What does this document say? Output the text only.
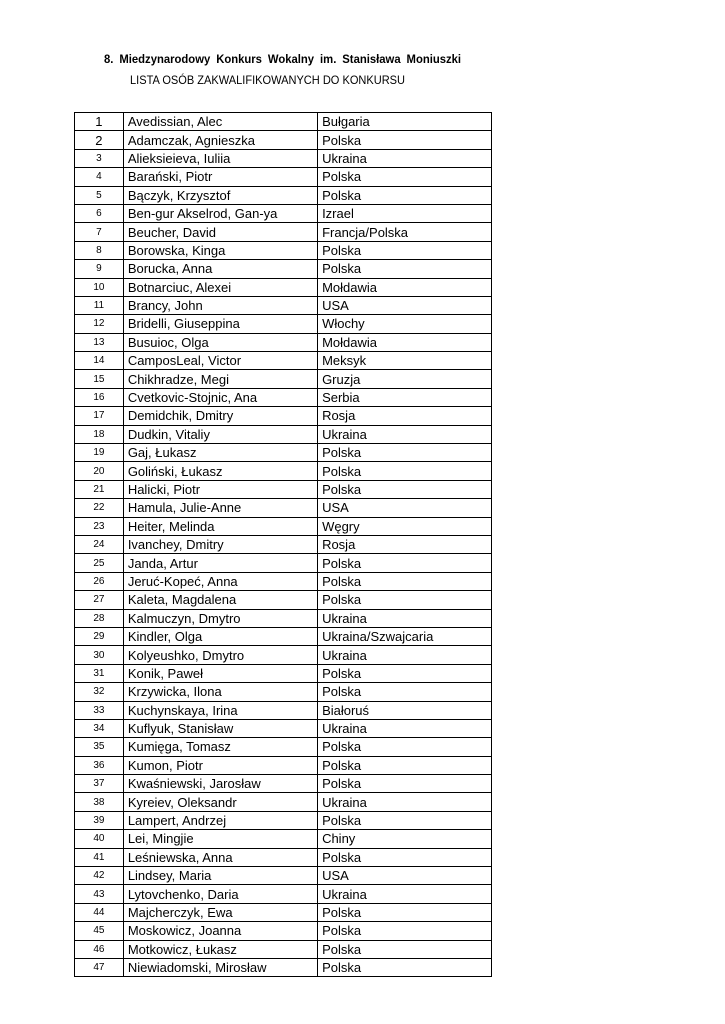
8. Miedzynarodowy Konkurs Wokalny im. Stanisława Moniuszki
LISTA OSÓB ZAKWALIFIKOWANYCH DO KONKURSU
1	Avedissian, Alec	Bułgaria
2	Adamczak, Agnieszka	Polska
3	Alieksieieva, Iuliia	Ukraina
4	Barański, Piotr	Polska
5	Bączyk, Krzysztof	Polska
6	Ben-gur Akselrod, Gan-ya	Izrael
7	Beucher, David	Francja/Polska
8	Borowska, Kinga	Polska
9	Borucka, Anna	Polska
10	Botnarciuc, Alexei	Mołdawia
11	Brancy, John	USA
12	Bridelli, Giuseppina	Włochy
13	Busuioc, Olga	Mołdawia
14	CamposLeal, Victor	Meksyk
15	Chikhradze, Megi	Gruzja
16	Cvetkovic-Stojnic, Ana	Serbia
17	Demidchik, Dmitry	Rosja
18	Dudkin, Vitaliy	Ukraina
19	Gaj, Łukasz	Polska
20	Goliński, Łukasz	Polska
21	Halicki, Piotr	Polska
22	Hamula, Julie-Anne	USA
23	Heiter, Melinda	Węgry
24	Ivanchey, Dmitry	Rosja
25	Janda, Artur	Polska
26	Jeruć-Kopeć, Anna	Polska
27	Kaleta, Magdalena	Polska
28	Kalmuczyn, Dmytro	Ukraina
29	Kindler, Olga	Ukraina/Szwajcaria
30	Kolyeushko, Dmytro	Ukraina
31	Konik, Paweł	Polska
32	Krzywicka, Ilona	Polska
33	Kuchynskaya, Irina	Białoruś
34	Kuflyuk, Stanisław	Ukraina
35	Kumięga, Tomasz	Polska
36	Kumon, Piotr	Polska
37	Kwaśniewski, Jarosław	Polska
38	Kyreiev, Oleksandr	Ukraina
39	Lampert, Andrzej	Polska
40	Lei, Mingjie	Chiny
41	Leśniewska, Anna	Polska
42	Lindsey, Maria	USA
43	Lytovchenko, Daria	Ukraina
44	Majcherczyk, Ewa	Polska
45	Moskowicz, Joanna	Polska
46	Motkowicz, Łukasz	Polska
47	Niewiadomski, Mirosław	Polska
